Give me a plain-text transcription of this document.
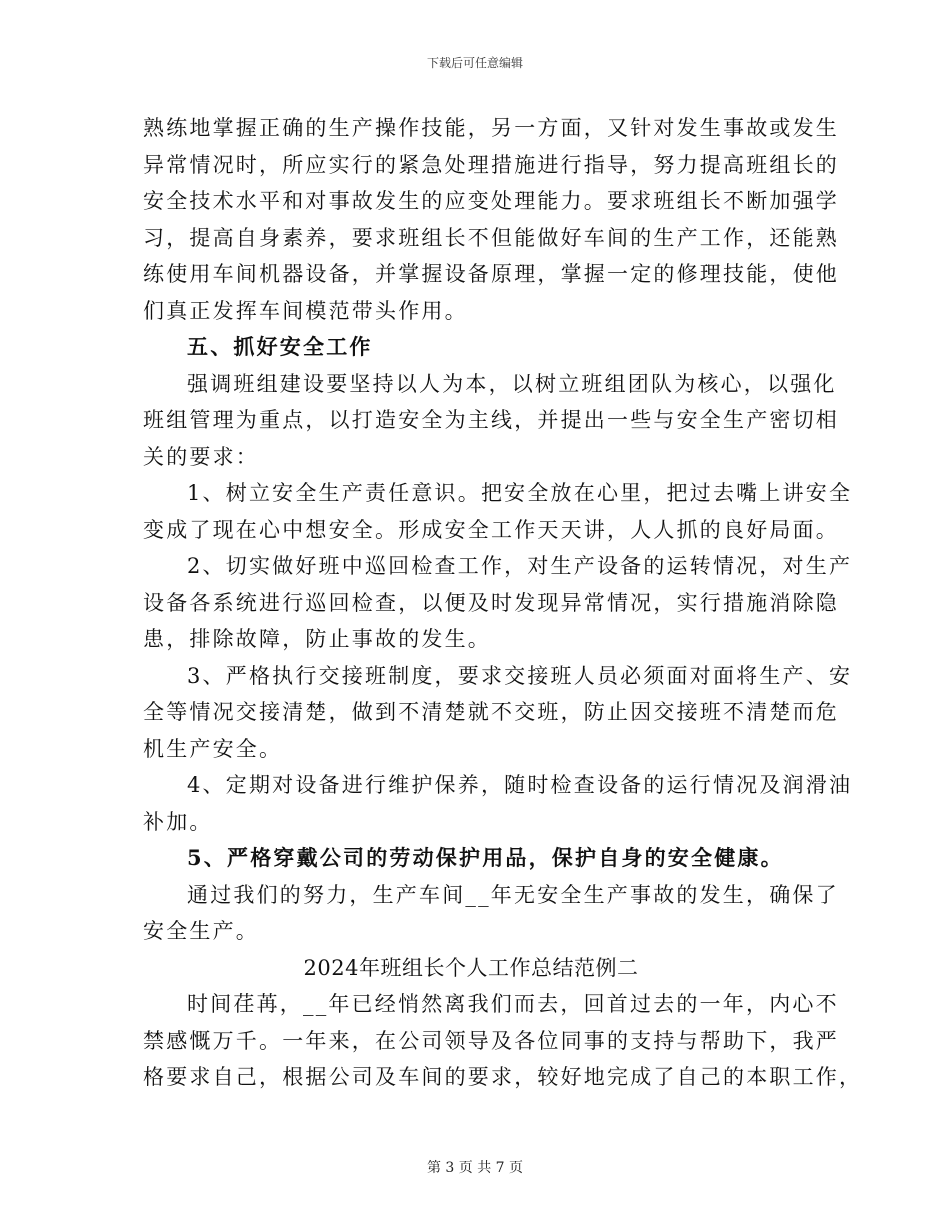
下载后可任意编辑

熟练地掌握正确的生产操作技能，另一方面，又针对发生事故或发生

异常情况时，所应实行的紧急处理措施进行指导，努力提高班组长的

安全技术水平和对事故发生的应变处理能力。要求班组长不断加强学

习，提高自身素养，要求班组长不但能做好车间的生产工作，还能熟

练使用车间机器设备，并掌握设备原理，掌握一定的修理技能，使他

们真正发挥车间模范带头作用。

五、抓好安全工作

强调班组建设要坚持以人为本，以树立班组团队为核心，以强化

班组管理为重点，以打造安全为主线，并提出一些与安全生产密切相

关的要求：

1、树立安全生产责任意识。把安全放在心里，把过去嘴上讲安全

变成了现在心中想安全。形成安全工作天天讲，人人抓的良好局面。

2、切实做好班中巡回检查工作，对生产设备的运转情况，对生产

设备各系统进行巡回检查，以便及时发现异常情况，实行措施消除隐

患，排除故障，防止事故的发生。

3、严格执行交接班制度，要求交接班人员必须面对面将生产、安

全等情况交接清楚，做到不清楚就不交班，防止因交接班不清楚而危

机生产安全。

4、定期对设备进行维护保养，随时检查设备的运行情况及润滑油

补加。

5、严格穿戴公司的劳动保护用品，保护自身的安全健康。

通过我们的努力，生产车间__年无安全生产事故的发生，确保了

安全生产。

2024年班组长个人工作总结范例二

时间荏苒，__年已经悄然离我们而去，回首过去的一年，内心不

禁感慨万千。一年来，在公司领导及各位同事的支持与帮助下，我严

格要求自己，根据公司及车间的要求，较好地完成了自己的本职工作，

第 3 页 共 7 页
